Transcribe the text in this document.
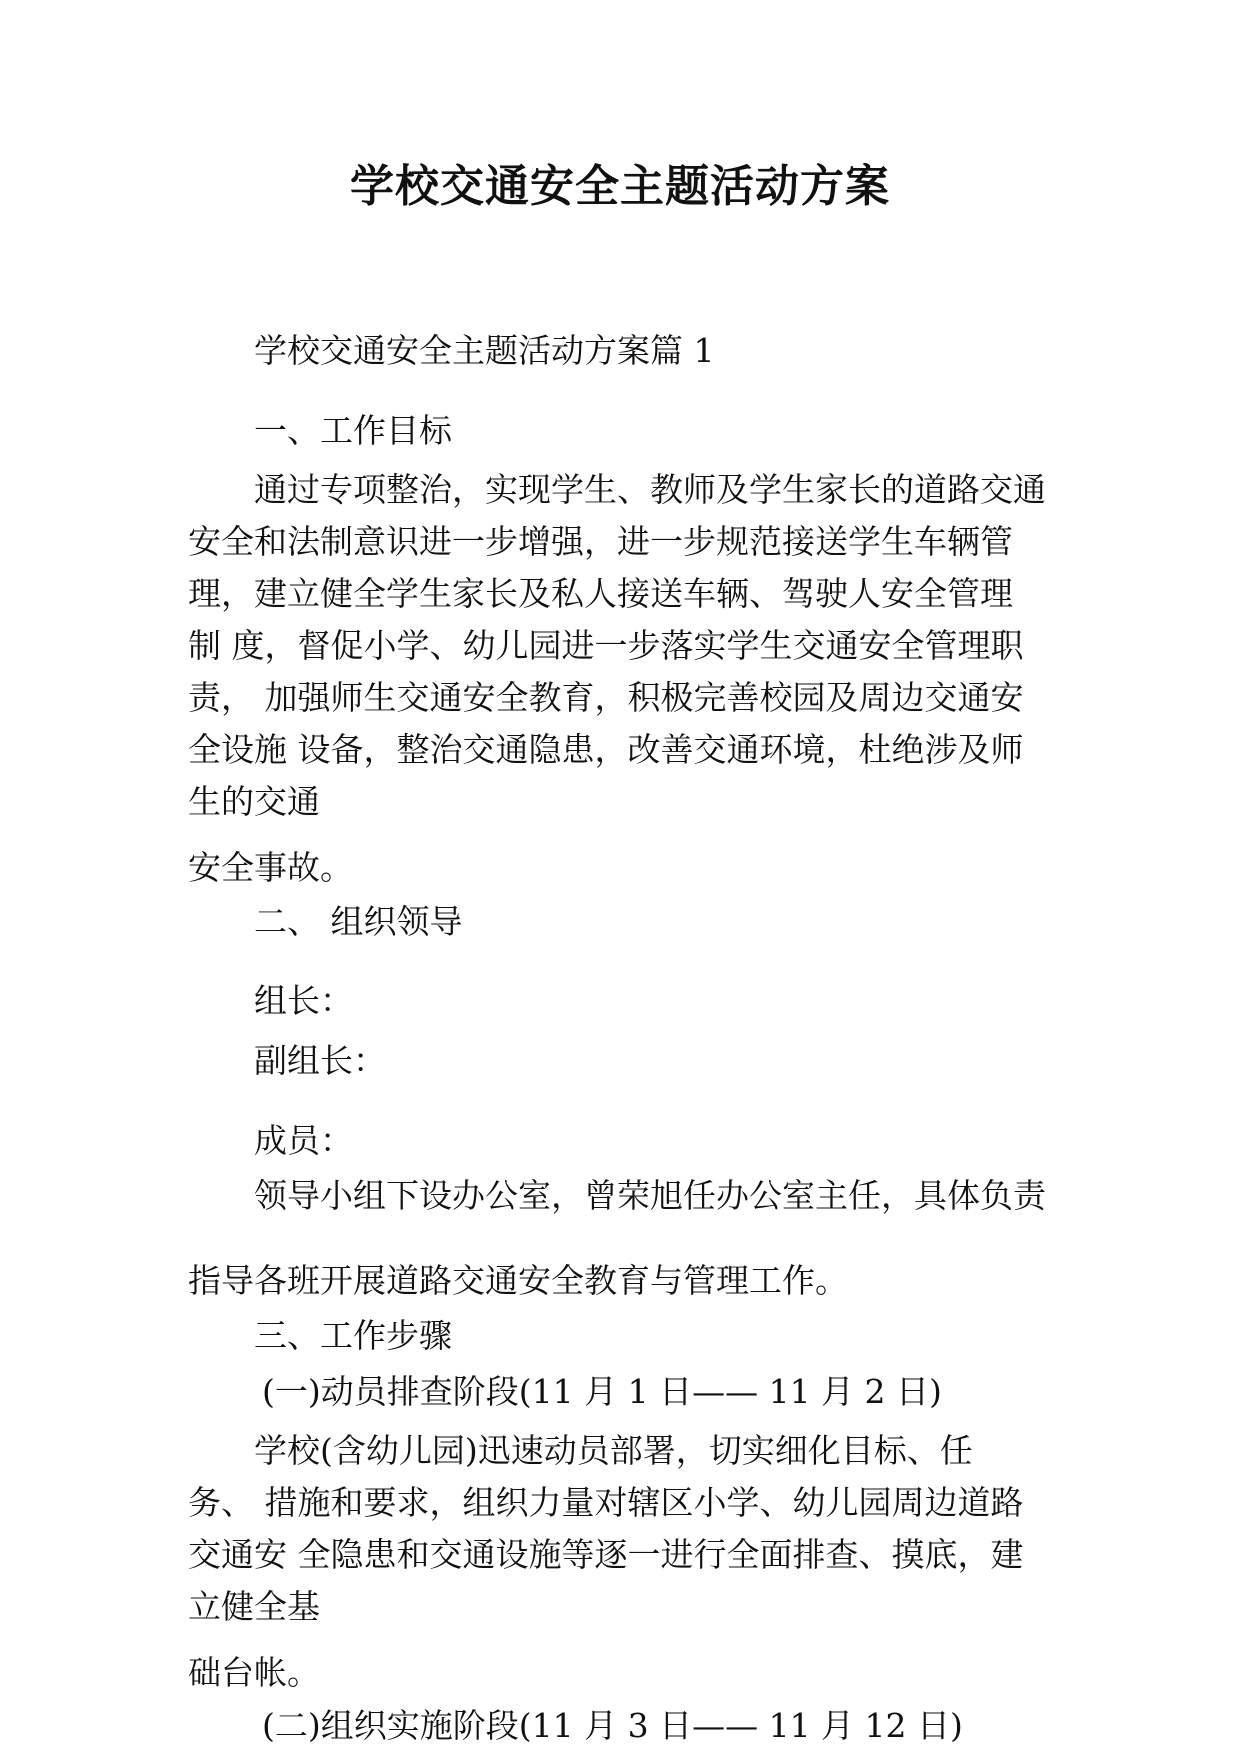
学校交通安全主题活动方案

学校交通安全主题活动方案篇 1

一、工作目标

通过专项整治，实现学生、教师及学生家长的道路交通

安全和法制意识进一步增强，进一步规范接送学生车辆管

理，建立健全学生家长及私人接送车辆、驾驶人安全管理

制 度，督促小学、幼儿园进一步落实学生交通安全管理职

责， 加强师生交通安全教育，积极完善校园及周边交通安

全设施 设备，整治交通隐患，改善交通环境，杜绝涉及师

生的交通

安全事故。

二、 组织领导

组长：

副组长：

成员：

领导小组下设办公室，曾荣旭任办公室主任，具体负责

指导各班开展道路交通安全教育与管理工作。

三、工作步骤

(一)动员排查阶段(11 月 1 日—— 11 月 2 日)

学校(含幼儿园)迅速动员部署，切实细化目标、任

务、 措施和要求，组织力量对辖区小学、幼儿园周边道路

交通安 全隐患和交通设施等逐一进行全面排查、摸底，建

立健全基

础台帐。

(二)组织实施阶段(11 月 3 日—— 11 月 12 日)
